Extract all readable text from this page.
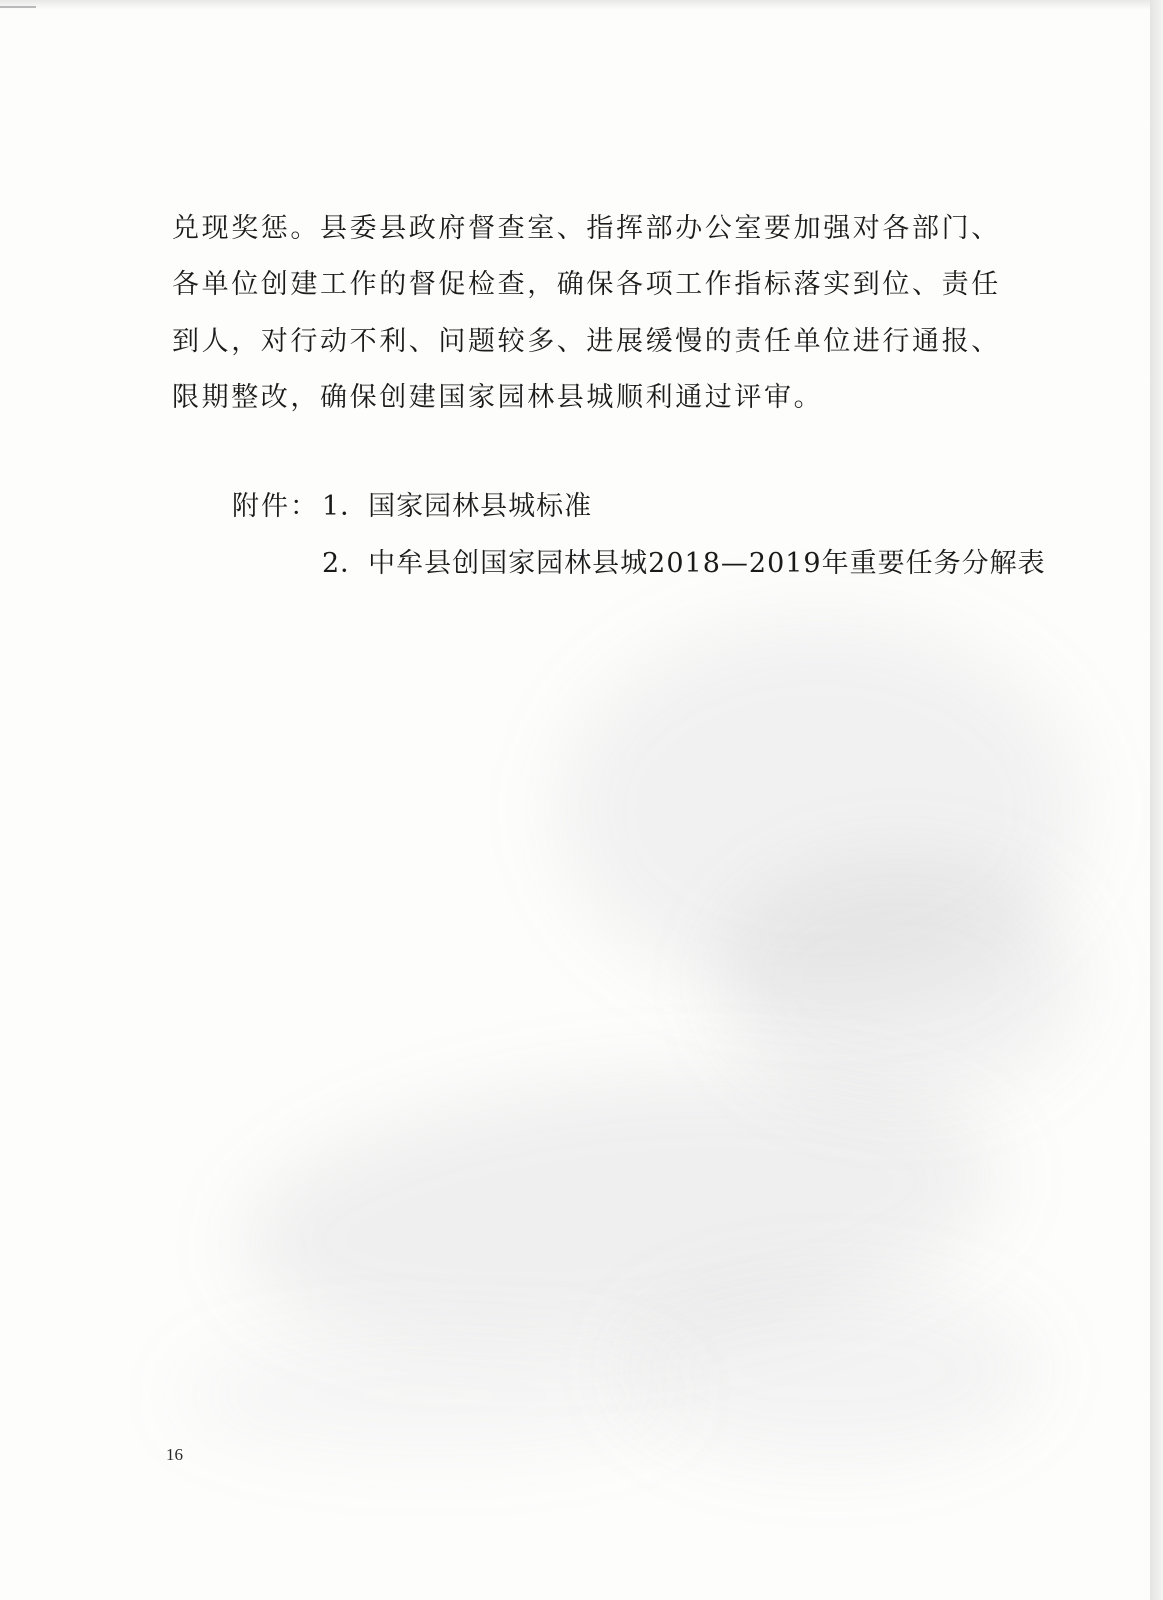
兑现奖惩。县委县政府督查室、指挥部办公室要加强对各部门、

各单位创建工作的督促检查，确保各项工作指标落实到位、责任

到人，对行动不利、问题较多、进展缓慢的责任单位进行通报、

限期整改，确保创建国家园林县城顺利通过评审。

附件： 1．国家园林县城标准
2．中牟县创国家园林县城2018—2019年重要任务分解表
16
